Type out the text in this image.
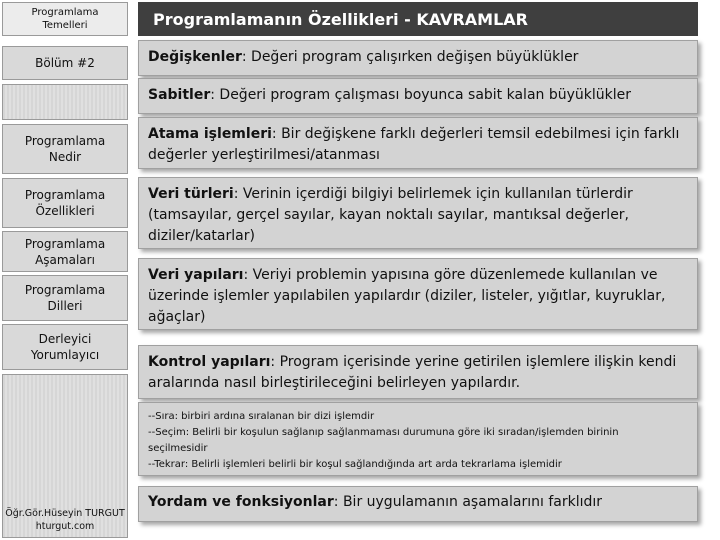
Programlama
Temelleri
Bölüm #2
Programlama
Nedir
Programlama
Özellikleri
Programlama
Aşamaları
Programlama
Dilleri
Derleyici
Yorumlayıcı
Öğr.Gör.Hüseyin TURGUT
hturgut.com
Programlamanın Özellikleri - KAVRAMLAR
Değişkenler: Değeri program çalışırken değişen büyüklükler
Sabitler: Değeri program çalışması boyunca sabit kalan büyüklükler
Atama işlemleri: Bir değişkene farklı değerleri temsil edebilmesi için farklı değerler yerleştirilmesi/atanması
Veri türleri: Verinin içerdiği bilgiyi belirlemek için kullanılan türlerdir (tamsayılar, gerçel sayılar, kayan noktalı sayılar, mantıksal değerler, diziler/katarlar)
Veri yapıları: Veriyi problemin yapısına göre düzenlemede kullanılan ve üzerinde işlemler yapılabilen yapılardır (diziler, listeler, yığıtlar, kuyruklar, ağaçlar)
Kontrol yapıları: Program içerisinde yerine getirilen işlemlere ilişkin kendi aralarında nasıl birleştirileceğini belirleyen yapılardır.
--Sıra: birbiri ardına sıralanan bir dizi işlemdir
--Seçim: Belirli bir koşulun sağlanıp sağlanmaması durumuna göre iki sıradan/işlemden birinin
seçilmesidir
--Tekrar: Belirli işlemleri belirli bir koşul sağlandığında art arda tekrarlama işlemidir
Yordam ve fonksiyonlar: Bir uygulamanın aşamalarını farklıdır
